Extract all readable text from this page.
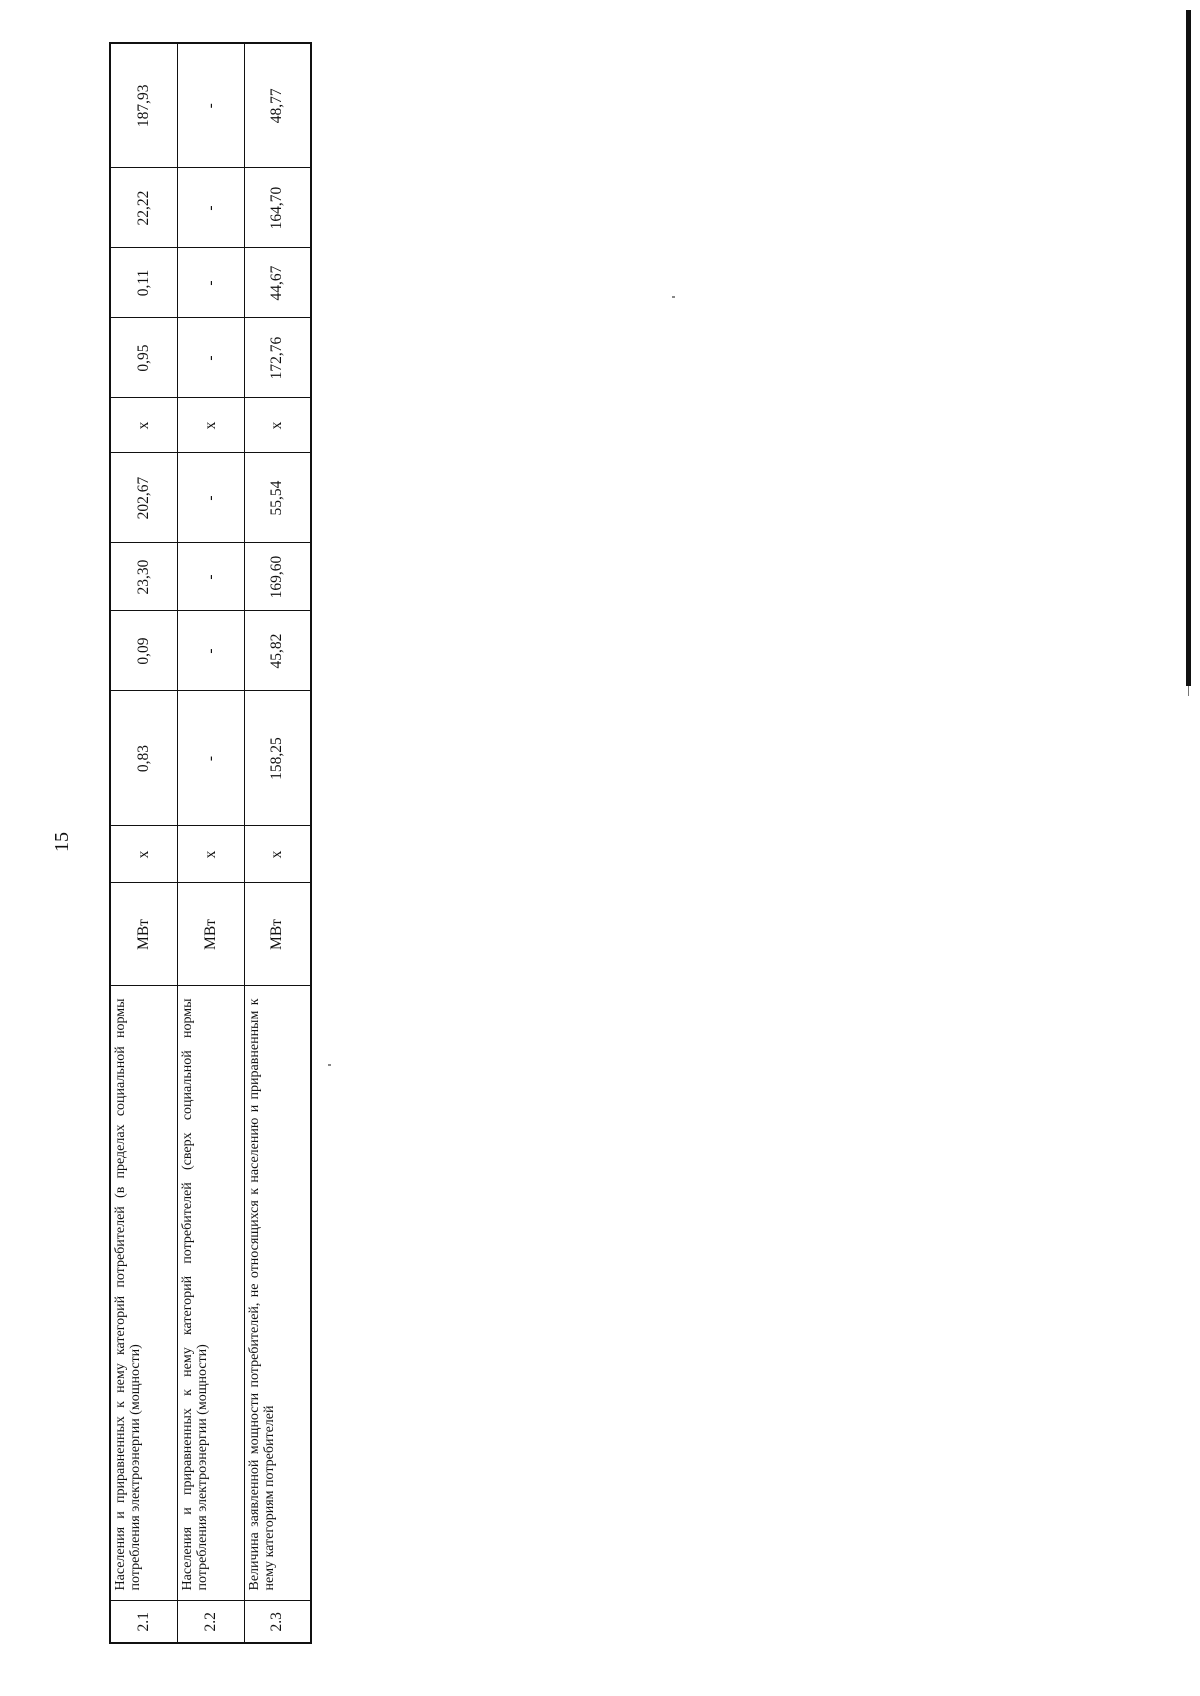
15
2.1	Населения и приравненных к нему категорий потребителей (в пределах социальной нормы потребления электроэнергии (мощности)	МВт	х	0,83	0,09	23,30	202,67	х	0,95	0,11	22,22	187,93
2.2	Населения и приравненных к нему категорий потребителей (сверх социальной нормы потребления электроэнергии (мощности)	МВт	х	-	-	-	-	х	-	-	-	-
2.3	Величина заявленной мощности потребителей, не относящихся к населению и приравненным к нему категориям потребителей	МВт	х	158,25	45,82	169,60	55,54	х	172,76	44,67	164,70	48,77
